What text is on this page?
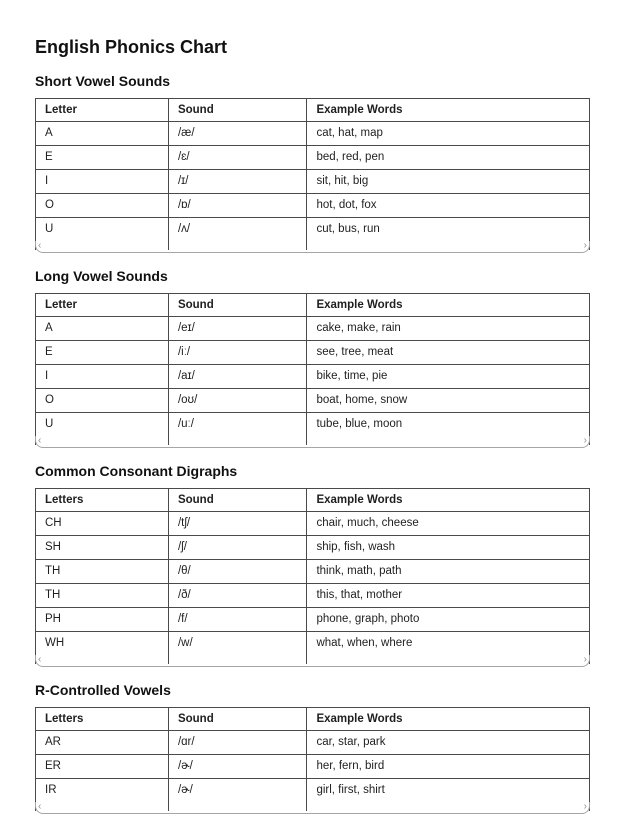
English Phonics Chart
Short Vowel Sounds
Letter	Sound	Example Words
A	/æ/	cat, hat, map
E	/ɛ/	bed, red, pen
I	/ɪ/	sit, hit, big
O	/ɒ/	hot, dot, fox
U	/ʌ/	cut, bus, run
‹	›
Long Vowel Sounds
Letter	Sound	Example Words
A	/eɪ/	cake, make, rain
E	/iː/	see, tree, meat
I	/aɪ/	bike, time, pie
O	/oʊ/	boat, home, snow
U	/uː/	tube, blue, moon
‹	›
Common Consonant Digraphs
Letters	Sound	Example Words
CH	/tʃ/	chair, much, cheese
SH	/ʃ/	ship, fish, wash
TH	/θ/	think, math, path
TH	/ð/	this, that, mother
PH	/f/	phone, graph, photo
WH	/w/	what, when, where
‹	›
R-Controlled Vowels
Letters	Sound	Example Words
AR	/ɑr/	car, star, park
ER	/ɚ/	her, fern, bird
IR	/ɚ/	girl, first, shirt
‹	›
